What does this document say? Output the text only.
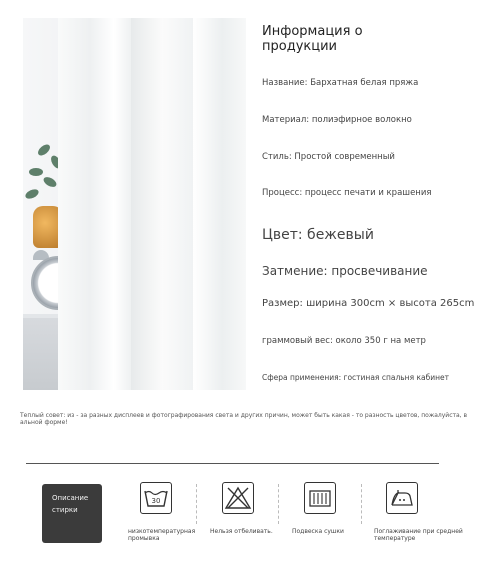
Информация о продукции
Название: Бархатная белая пряжа
Материал: полиэфирное волокно
Стиль: Простой современный
Процесс: процесс печати и крашения
Цвет: бежевый
Затмение: просвечивание
Размер: ширина 300cm × высота 265cm
граммовый вес: около 350 г на метр
Сфера применения: гостиная спальня кабинет
Теплый совет: из - за разных дисплеев и фотографирования света и других причин, может быть какая - то разность цветов, пожалуйста, в альной форме!
Описание стирки
30
низкотемпературная промывка
Нельзя отбеливать.	Подвеска сушки	Поглаживание при средней температуре
